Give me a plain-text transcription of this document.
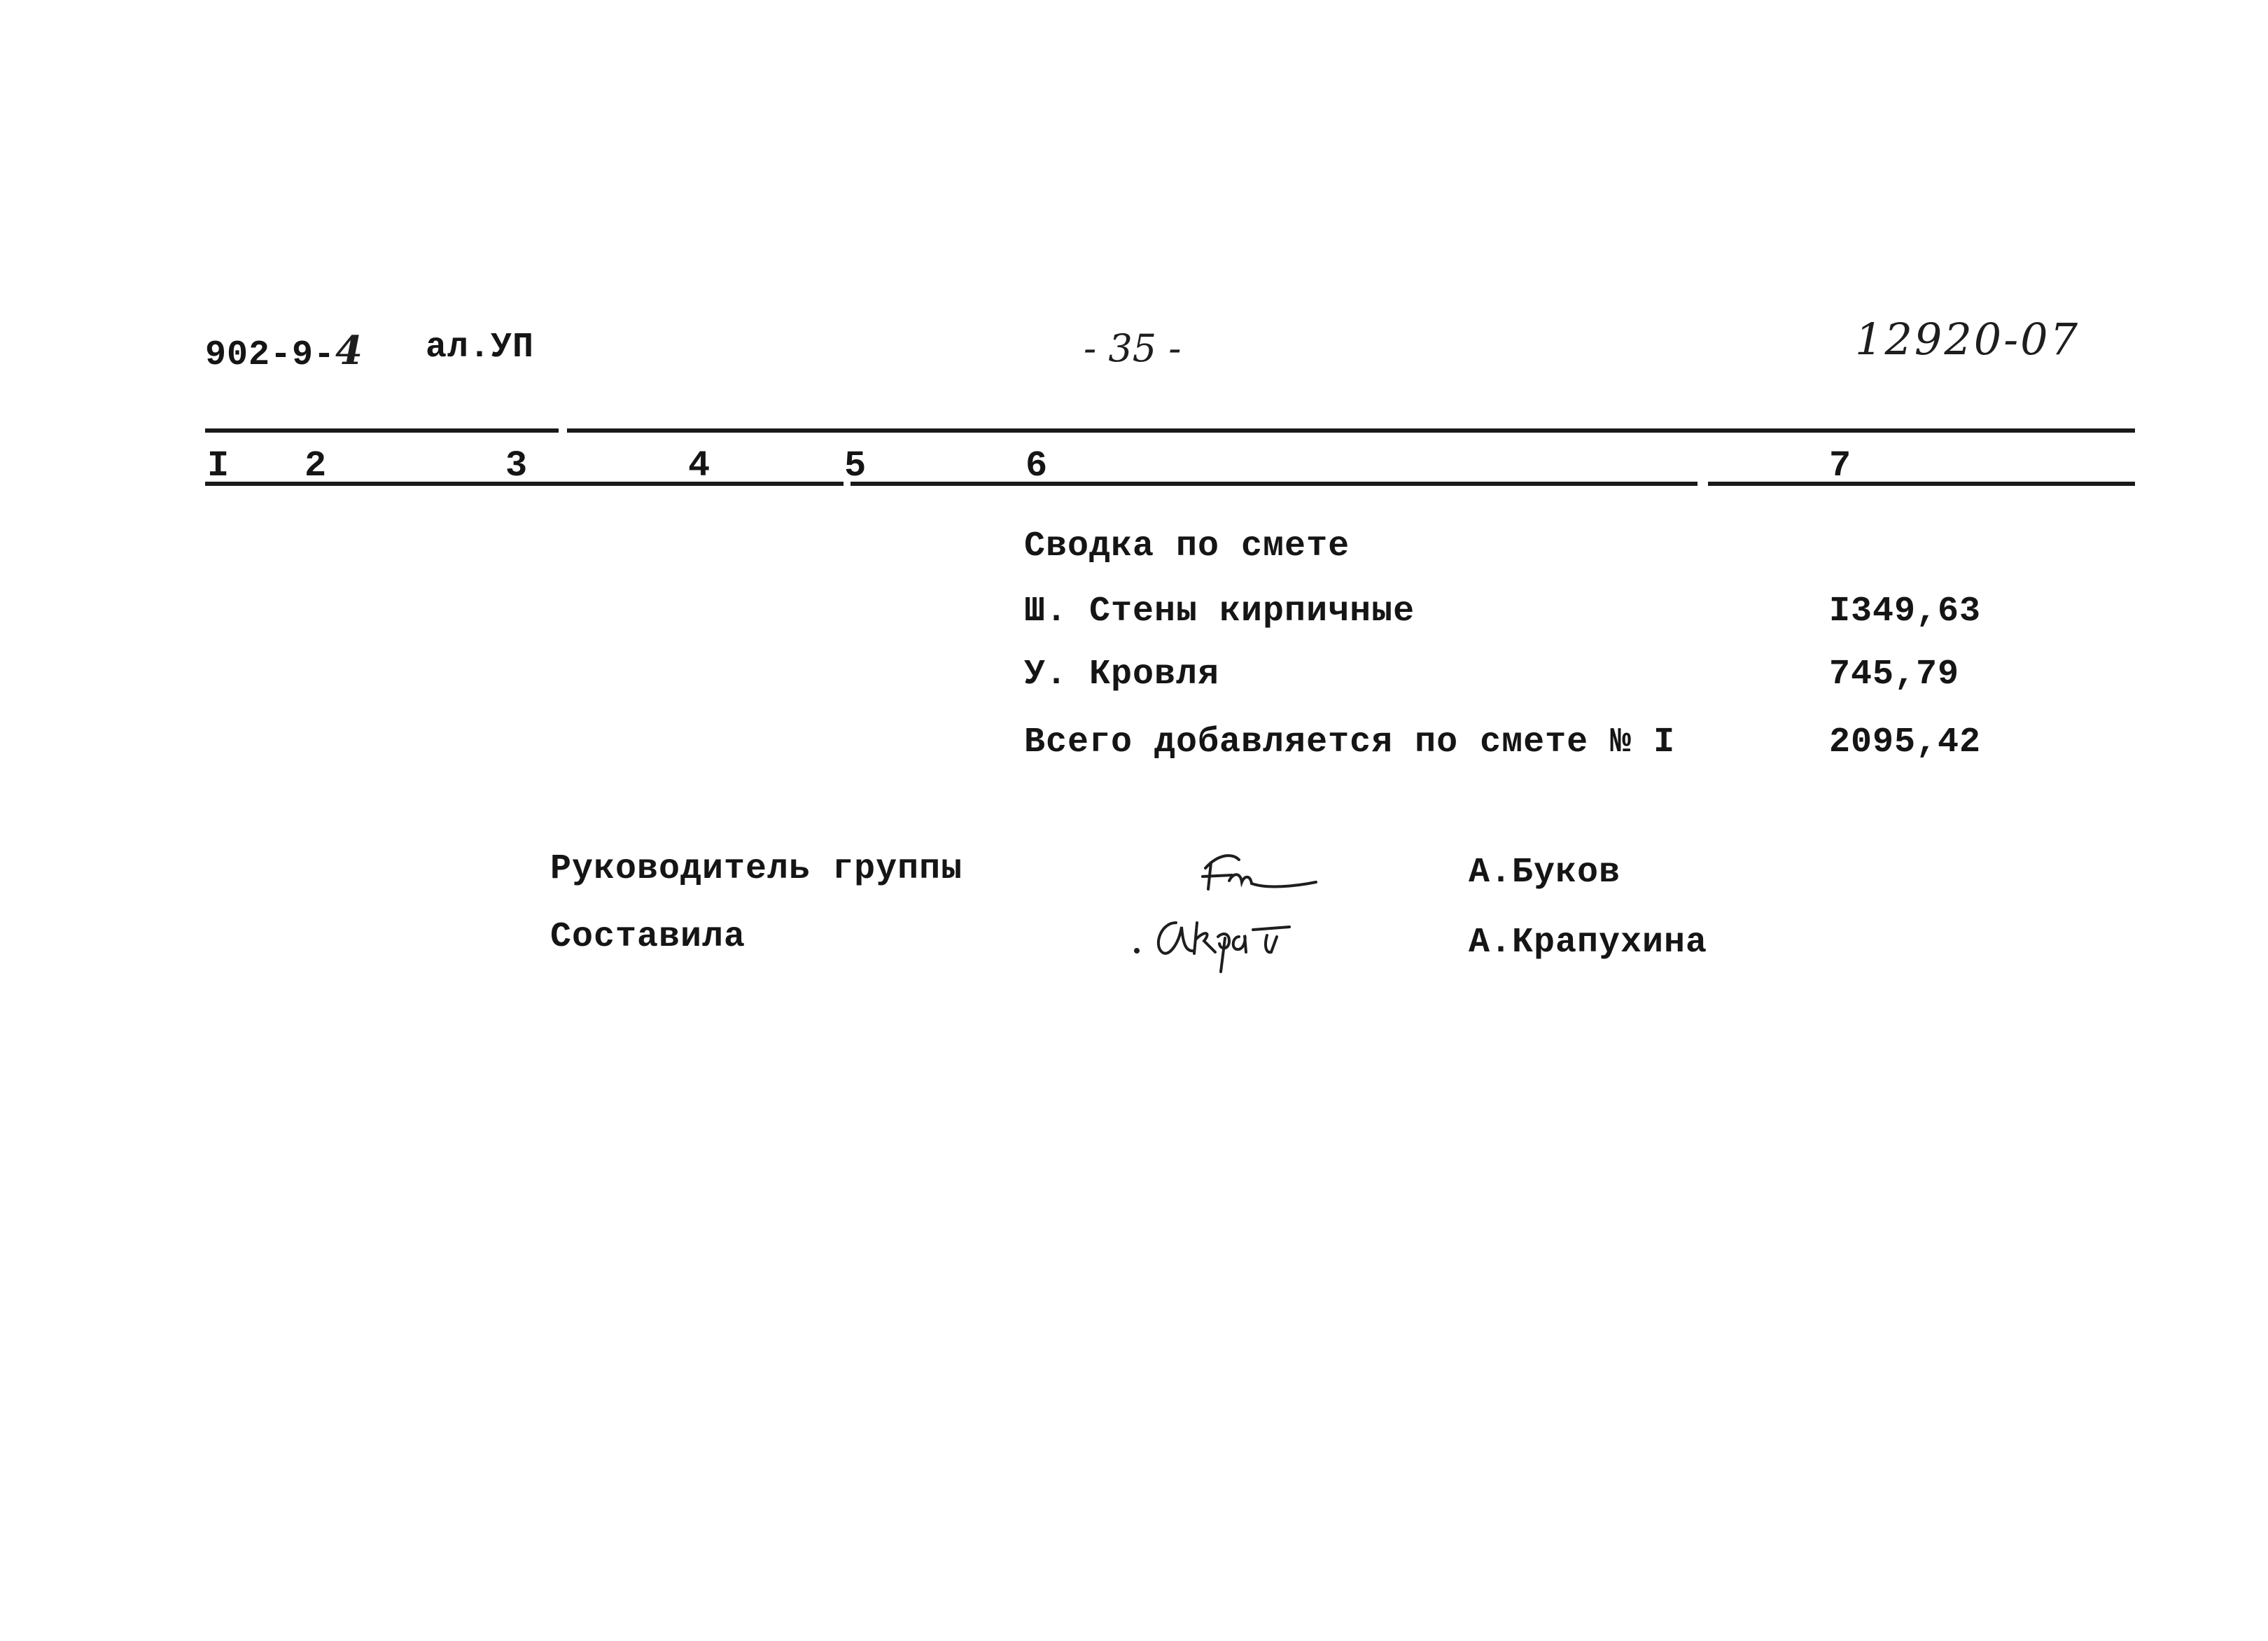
902-9-4 ал.УП	- 35 -	12920-07
I 2	3	4	5	6	7
Сводка по смете
Ш. Стены кирпичные	I349,63
У. Кровля	745,79
Всего добавляется по смете № I	2095,42
Руководитель группы	А.Буков
Составила	А.Крапухина
